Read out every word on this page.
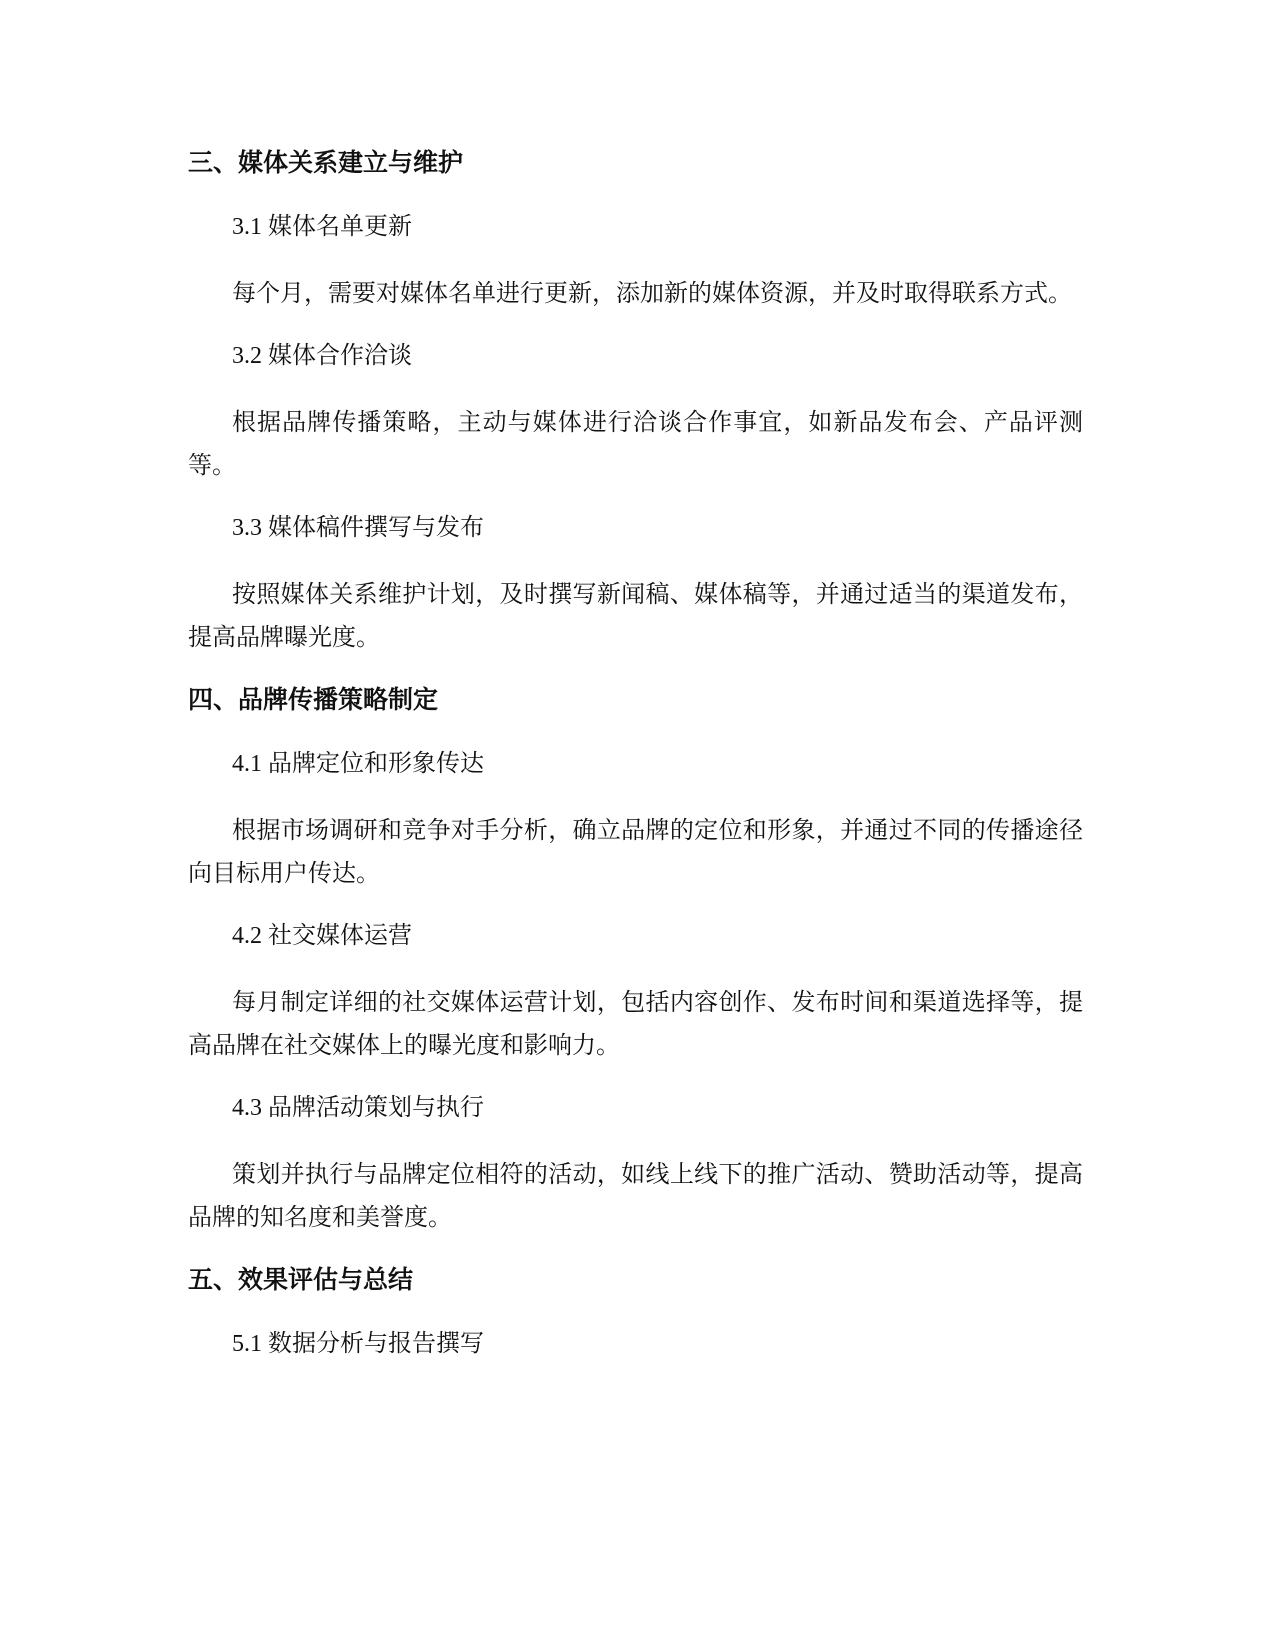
三、媒体关系建立与维护
3.1 媒体名单更新

每个月，需要对媒体名单进行更新，添加新的媒体资源，并及时取得联系方式。

3.2 媒体合作洽谈

根据品牌传播策略，主动与媒体进行洽谈合作事宜，如新品发布会、产品评测等。

3.3 媒体稿件撰写与发布

按照媒体关系维护计划，及时撰写新闻稿、媒体稿等，并通过适当的渠道发布，提高品牌曝光度。

四、品牌传播策略制定
4.1 品牌定位和形象传达

根据市场调研和竞争对手分析，确立品牌的定位和形象，并通过不同的传播途径向目标用户传达。

4.2 社交媒体运营

每月制定详细的社交媒体运营计划，包括内容创作、发布时间和渠道选择等，提高品牌在社交媒体上的曝光度和影响力。

4.3 品牌活动策划与执行

策划并执行与品牌定位相符的活动，如线上线下的推广活动、赞助活动等，提高品牌的知名度和美誉度。

五、效果评估与总结
5.1 数据分析与报告撰写
